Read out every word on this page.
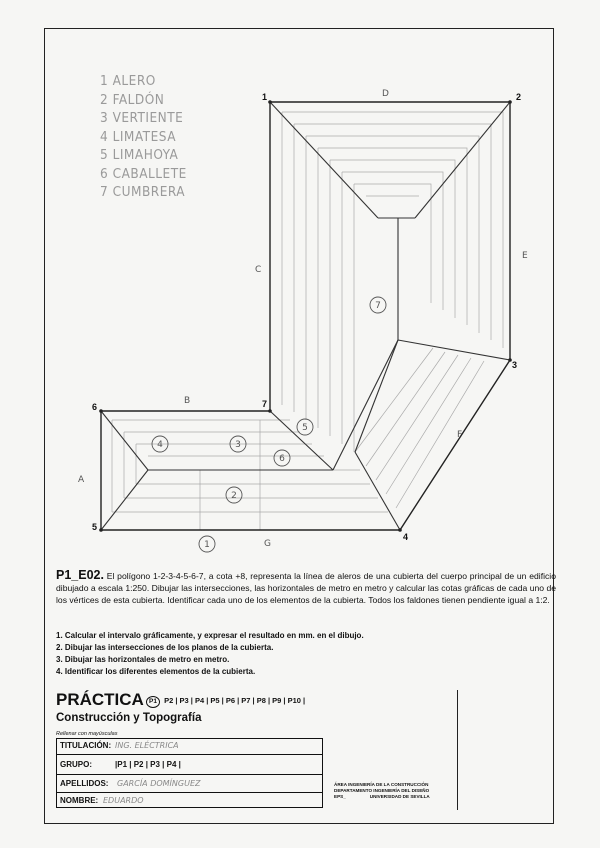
1	2
3
4
5
6	7
A
B
C
D
E
F
G
1
2
3
4
5
6
7
1 ALERO
2 FALDÓN
3 VERTIENTE
4 LIMATESA
5 LIMAHOYA
6 CABALLETE
7 CUMBRERA
P1_E02. El polígono 1-2-3-4-5-6-7, a cota +8, representa la línea de aleros de una cubierta del cuerpo principal de un edificio dibujado a escala 1:250. Dibujar las intersecciones, las horizontales de metro en metro y calcular las cotas gráficas de cada uno de los vértices de esta cubierta. Identificar cada uno de los elementos de la cubierta. Todos los faldones tienen pendiente igual a 1:2.
1. Calcular el intervalo gráficamente, y expresar el resultado en mm. en el dibujo.
2. Dibujar las intersecciones de los planos de la cubierta.
3. Dibujar las horizontales de metro en metro.
4. Identificar los diferentes elementos de la cubierta.
PRÁCTICA P1 P2 | P3 | P4 | P5 | P6 | P7 | P8 | P9 | P10 |
Construcción y Topografía
Rellenar con mayúsculas
TITULACIÓN: ING. ELÉCTRICA
GRUPO:	|P1 | P2 | P3 | P4 |
APELLIDOS: GARCÍA DOMÍNGUEZ
NOMBRE: EDUARDO
ÁREA INGENIERÍA DE LA CONSTRUCCIÓN
DEPARTAMENTO INGENIERÍA DEL DISEÑO
EPS_	UNIVERSIDAD DE SEVILLA
